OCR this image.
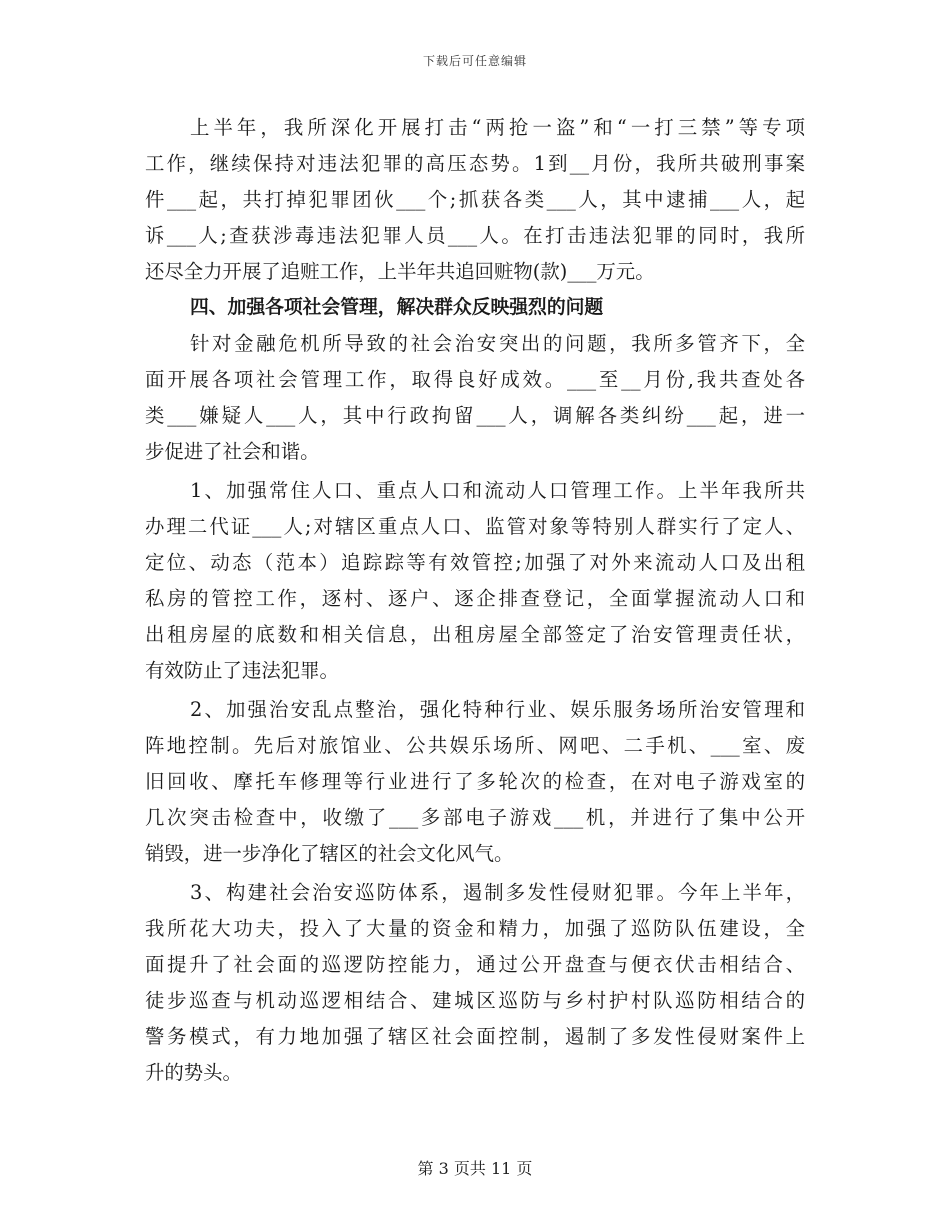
下载后可任意编辑
上半年，我所深化开展打击“两抢一盗”和“一打三禁”等专项
工作，继续保持对违法犯罪的高压态势。1到__月份，我所共破刑事案
件___起，共打掉犯罪团伙___个;抓获各类___人，其中逮捕___人，起
诉___人;查获涉毒违法犯罪人员___人。在打击违法犯罪的同时，我所
还尽全力开展了追赃工作，上半年共追回赃物(款)___万元。
四、加强各项社会管理，解决群众反映强烈的问题
针对金融危机所导致的社会治安突出的问题，我所多管齐下，全
面开展各项社会管理工作，取得良好成效。___至__月份,我共查处各
类___嫌疑人___人，其中行政拘留___人，调解各类纠纷___起，进一
步促进了社会和谐。
1、加强常住人口、重点人口和流动人口管理工作。上半年我所共
办理二代证___人;对辖区重点人口、监管对象等特别人群实行了定人、
定位、动态（范本）追踪踪等有效管控;加强了对外来流动人口及出租
私房的管控工作，逐村、逐户、逐企排查登记，全面掌握流动人口和
出租房屋的底数和相关信息，出租房屋全部签定了治安管理责任状，
有效防止了违法犯罪。
2、加强治安乱点整治，强化特种行业、娱乐服务场所治安管理和
阵地控制。先后对旅馆业、公共娱乐场所、网吧、二手机、___室、废
旧回收、摩托车修理等行业进行了多轮次的检查，在对电子游戏室的
几次突击检查中，收缴了___多部电子游戏___机，并进行了集中公开
销毁，进一步净化了辖区的社会文化风气。
3、构建社会治安巡防体系，遏制多发性侵财犯罪。今年上半年，
我所花大功夫，投入了大量的资金和精力，加强了巡防队伍建设，全
面提升了社会面的巡逻防控能力，通过公开盘查与便衣伏击相结合、
徒步巡查与机动巡逻相结合、建城区巡防与乡村护村队巡防相结合的
警务模式，有力地加强了辖区社会面控制，遏制了多发性侵财案件上
升的势头。
第 3 页共 11 页
